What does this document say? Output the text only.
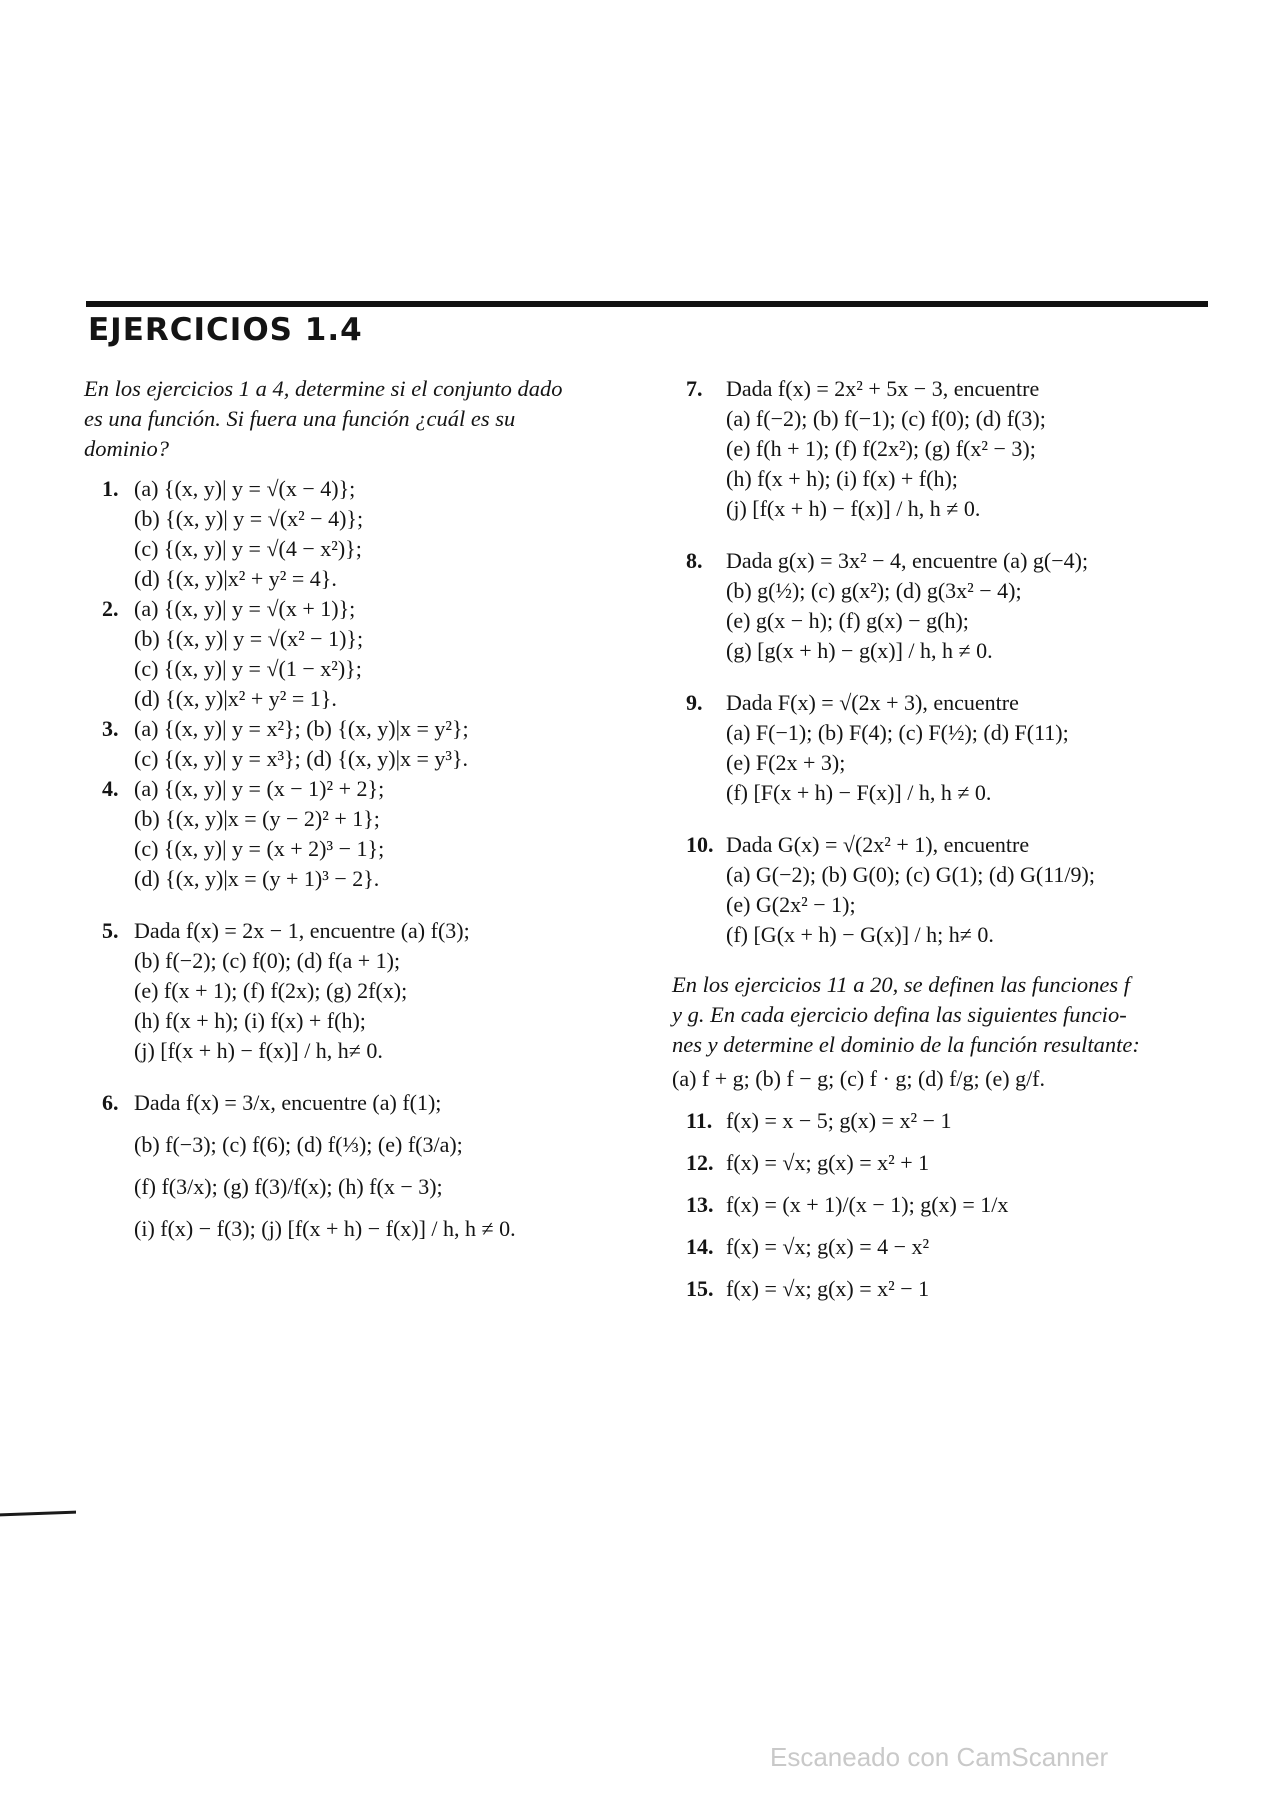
EJERCICIOS 1.4
En los ejercicios 1 a 4, determine si el conjunto dado
es una función. Si fuera una función ¿cuál es su
dominio?
1. (a) {(x, y)| y = √(x − 4)};
(b) {(x, y)| y = √(x² − 4)};
(c) {(x, y)| y = √(4 − x²)};
(d) {(x, y)|x² + y² = 4}.
2. (a) {(x, y)| y = √(x + 1)};
(b) {(x, y)| y = √(x² − 1)};
(c) {(x, y)| y = √(1 − x²)};
(d) {(x, y)|x² + y² = 1}.
3. (a) {(x, y)| y = x²}; (b) {(x, y)|x = y²};
(c) {(x, y)| y = x³}; (d) {(x, y)|x = y³}.
4. (a) {(x, y)| y = (x − 1)² + 2};
(b) {(x, y)|x = (y − 2)² + 1};
(c) {(x, y)| y = (x + 2)³ − 1};
(d) {(x, y)|x = (y + 1)³ − 2}.
5. Dada f(x) = 2x − 1, encuentre (a) f(3);
(b) f(−2); (c) f(0); (d) f(a + 1);
(e) f(x + 1); (f) f(2x); (g) 2f(x);
(h) f(x + h); (i) f(x) + f(h);
(j) [f(x + h) − f(x)] / h, h≠ 0.
6. Dada f(x) = 3/x, encuentre (a) f(1);
(b) f(−3); (c) f(6); (d) f(⅓); (e) f(3/a);
(f) f(3/x); (g) f(3)/f(x); (h) f(x − 3);
(i) f(x) − f(3); (j) [f(x + h) − f(x)] / h, h ≠ 0.
7.	Dada f(x) = 2x² + 5x − 3, encuentre
(a) f(−2); (b) f(−1); (c) f(0); (d) f(3);
(e) f(h + 1); (f) f(2x²); (g) f(x² − 3);
(h) f(x + h); (i) f(x) + f(h);
(j) [f(x + h) − f(x)] / h, h ≠ 0.
8.	Dada g(x) = 3x² − 4, encuentre (a) g(−4);
(b) g(½); (c) g(x²); (d) g(3x² − 4);
(e) g(x − h); (f) g(x) − g(h);
(g) [g(x + h) − g(x)] / h, h ≠ 0.
9.	Dada F(x) = √(2x + 3), encuentre
(a) F(−1); (b) F(4); (c) F(½); (d) F(11);
(e) F(2x + 3);
(f) [F(x + h) − F(x)] / h, h ≠ 0.
10. Dada G(x) = √(2x² + 1), encuentre
(a) G(−2); (b) G(0); (c) G(1); (d) G(11/9);
(e) G(2x² − 1);
(f) [G(x + h) − G(x)] / h; h≠ 0.
En los ejercicios 11 a 20, se definen las funciones f
y g. En cada ejercicio defina las siguientes funcio-
nes y determine el dominio de la función resultante:
(a) f + g; (b) f − g; (c) f · g; (d) f/g; (e) g/f.
11. f(x) = x − 5; g(x) = x² − 1
12. f(x) = √x; g(x) = x² + 1
13. f(x) = (x + 1)/(x − 1); g(x) = 1/x
14. f(x) = √x; g(x) = 4 − x²
15. f(x) = √x; g(x) = x² − 1
Escaneado con CamScanner
